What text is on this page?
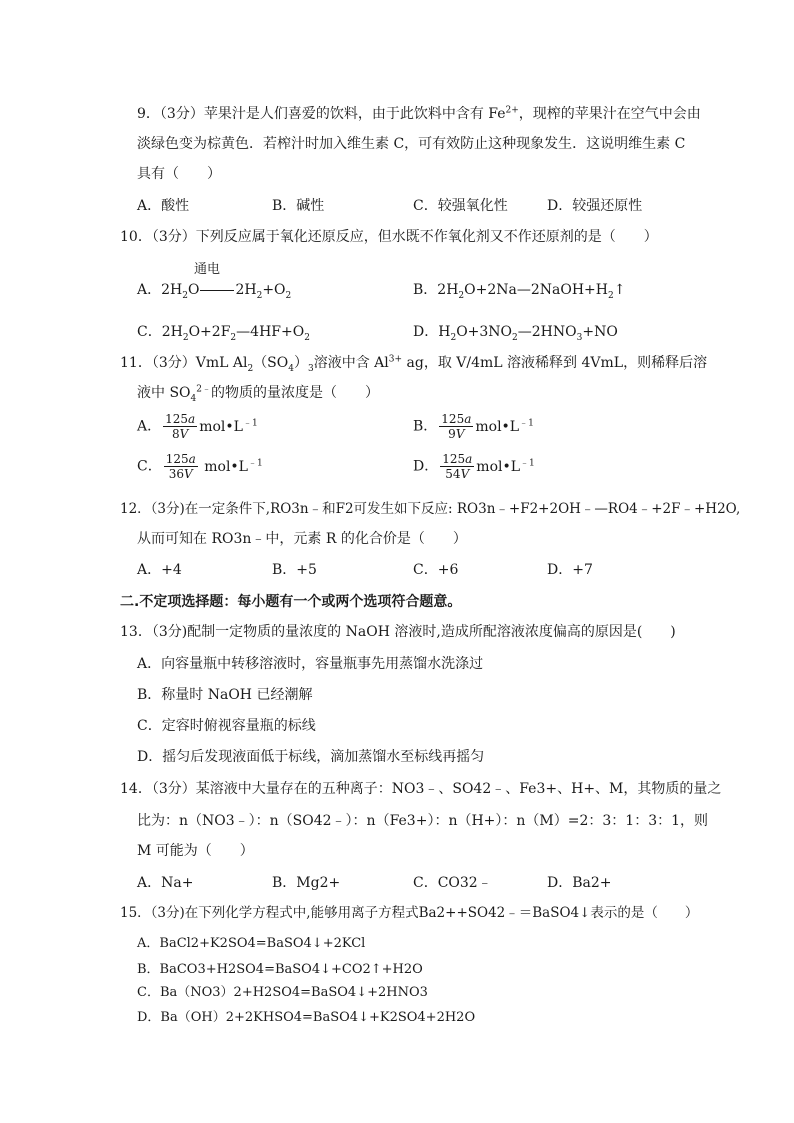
9．（3分）苹果汁是人们喜爱的饮料，由于此饮料中含有 $Fe^{2+}$，现榨的苹果汁在空气中会由
淡绿色变为棕黄色．若榨汁时加入维生素 C，可有效防止这种现象发生．这说明维生素 C
具有（　　）
A．酸性	B．碱性	C．较强氧化性	D．较强还原性
10．（3分）下列反应属于氧化还原反应，但水既不作氧化剂又不作还原剂的是（　　）
通电
A．$2H_2O$	$2H_2+O_2$	B．$2H_2O+2Na—2NaOH+H_2↑$
C．$2H_2O+2F_2—4HF+O_2$	D．$H_2O+3NO_2—2HNO_3+NO$
11．（3分）VmL $Al_2(SO_4)_3$溶液中含 $Al^{3+}$ ag，取 V/4mL 溶液稀释到 4VmL，则稀释后溶
液中 $SO_4^{2﹣}$的物质的量浓度是（　　）
A． $\frac{125a}{8V}$ $mol•L^{﹣1}$	B． $\frac{125a}{9V}$ $mol•L^{﹣1}$
C． $\frac{125a}{36V}$ $mol•L^{﹣1}$	D． $\frac{125a}{54V}$ $mol•L^{﹣1}$
12．（3分)在一定条件下,RO3n﹣和F2可发生如下反应: RO3n﹣+F2+2OH﹣—RO4﹣+2F﹣+H2O,
从而可知在 RO3n﹣中，元素 R 的化合价是（　　）
A．+4	B．+5	C．+6	D．+7
二.不定项选择题：每小题有一个或两个选项符合题意。
13．（3分)配制一定物质的量浓度的 NaOH 溶液时,造成所配溶液浓度偏高的原因是(　　)
A．向容量瓶中转移溶液时，容量瓶事先用蒸馏水洗涤过
B．称量时 NaOH 已经潮解
C．定容时俯视容量瓶的标线
D．摇匀后发现液面低于标线，滴加蒸馏水至标线再摇匀
14．（3分）某溶液中大量存在的五种离子：NO3﹣、SO42﹣、Fe3+、H+、M，其物质的量之
比为：n（NO3﹣）：n（SO42﹣）：n（Fe3+）：n（H+）：n（M）=2：3：1：3：1，则
M 可能为（　　）
A．Na+	B．Mg2+	C．CO32﹣	D．Ba2+
15．（3分)在下列化学方程式中,能够用离子方程式Ba2++SO42﹣＝BaSO4↓表示的是（　　）
A．BaCl2+K2SO4=BaSO4↓+2KCl
B．BaCO3+H2SO4=BaSO4↓+CO2↑+H2O
C．Ba（NO3）2+H2SO4=BaSO4↓+2HNO3
D．Ba（OH）2+2KHSO4=BaSO4↓+K2SO4+2H2O
